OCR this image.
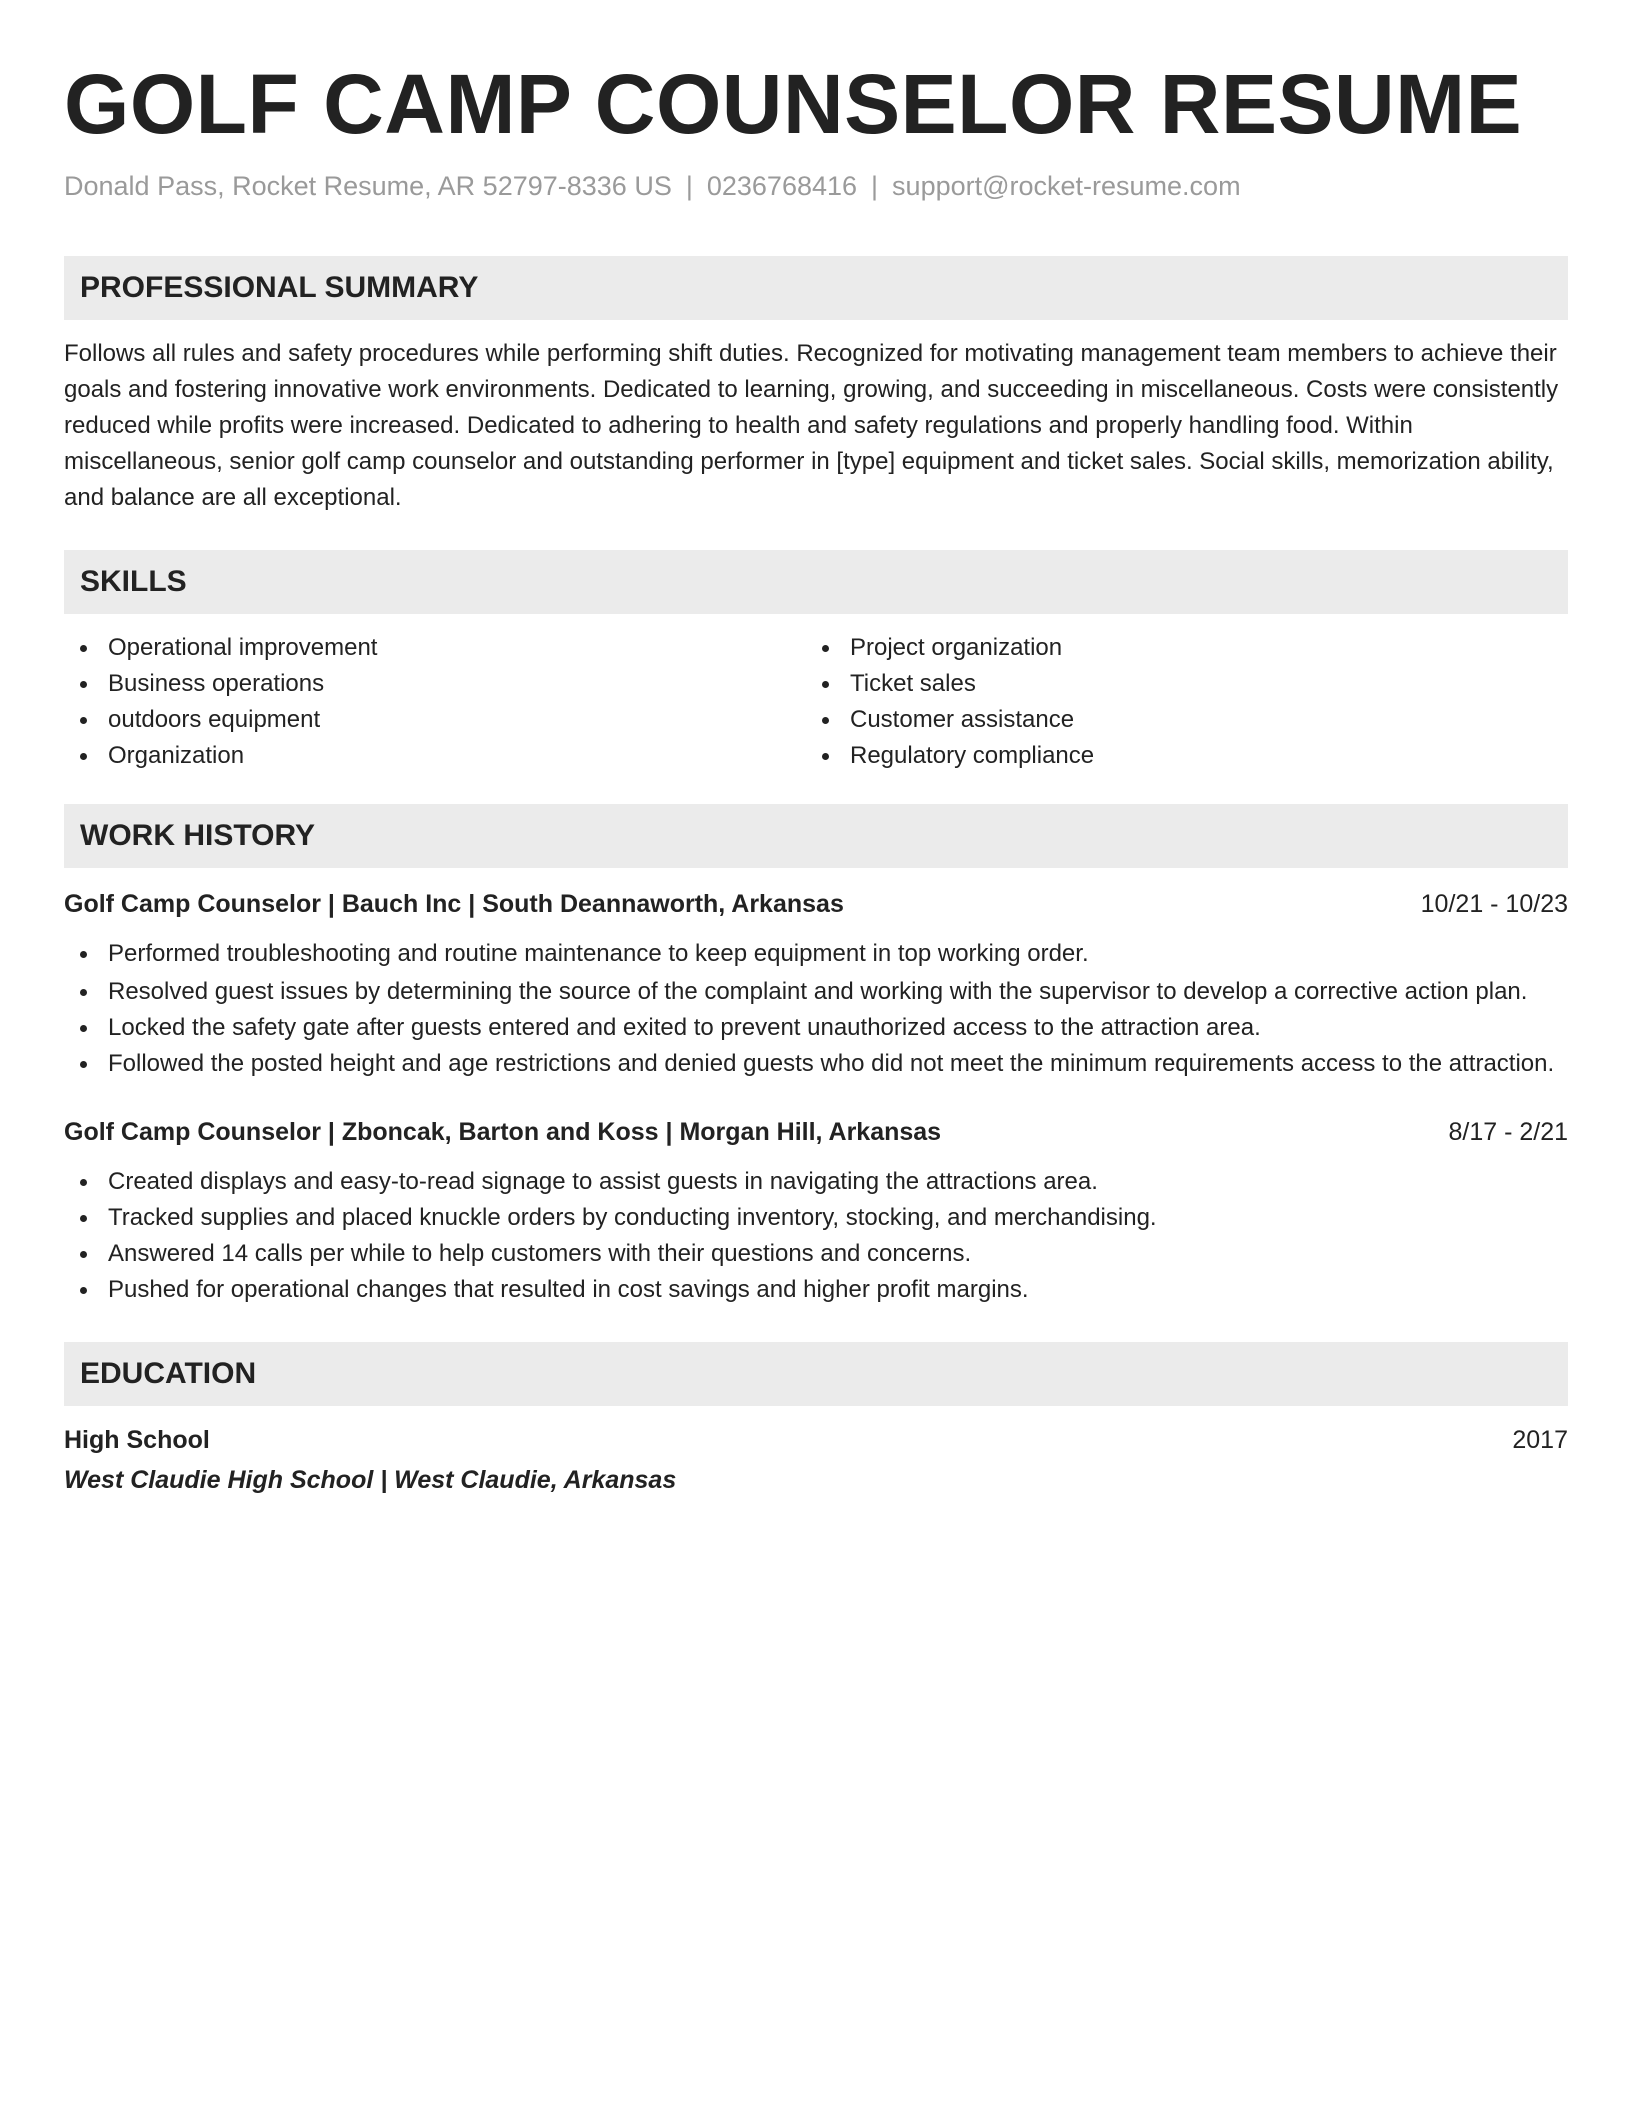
GOLF CAMP COUNSELOR RESUME
Donald Pass, Rocket Resume, AR 52797-8336 US | 0236768416 | support@rocket-resume.com
PROFESSIONAL SUMMARY
Follows all rules and safety procedures while performing shift duties. Recognized for motivating management team members to achieve their goals and fostering innovative work environments. Dedicated to learning, growing, and succeeding in miscellaneous. Costs were consistently reduced while profits were increased. Dedicated to adhering to health and safety regulations and properly handling food. Within miscellaneous, senior golf camp counselor and outstanding performer in [type] equipment and ticket sales. Social skills, memorization ability, and balance are all exceptional.
SKILLS
Operational improvement
Business operations
outdoors equipment
Organization
Project organization
Ticket sales
Customer assistance
Regulatory compliance
WORK HISTORY
Golf Camp Counselor | Bauch Inc | South Deannaworth, Arkansas	10/21 - 10/23
Performed troubleshooting and routine maintenance to keep equipment in top working order.
Resolved guest issues by determining the source of the complaint and working with the supervisor to develop a corrective action plan.
Locked the safety gate after guests entered and exited to prevent unauthorized access to the attraction area.
Followed the posted height and age restrictions and denied guests who did not meet the minimum requirements access to the attraction.
Golf Camp Counselor | Zboncak, Barton and Koss | Morgan Hill, Arkansas	8/17 - 2/21
Created displays and easy-to-read signage to assist guests in navigating the attractions area.
Tracked supplies and placed knuckle orders by conducting inventory, stocking, and merchandising.
Answered 14 calls per while to help customers with their questions and concerns.
Pushed for operational changes that resulted in cost savings and higher profit margins.
EDUCATION
High School	2017
West Claudie High School | West Claudie, Arkansas
